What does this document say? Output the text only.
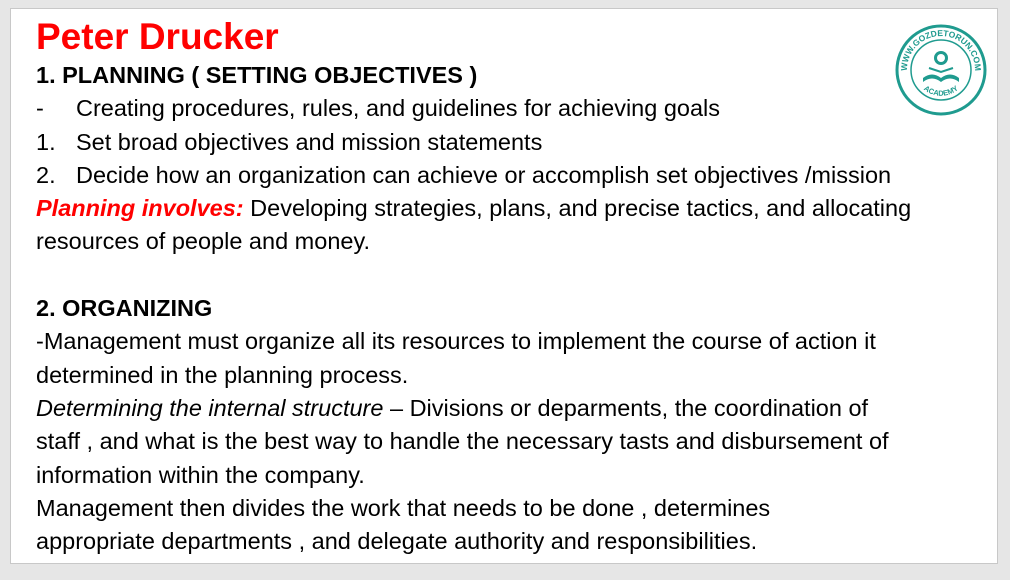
Peter Drucker
WWW.GOZDETORUN.COM
ACADEMY
1. PLANNING ( SETTING OBJECTIVES )
- Creating procedures, rules, and guidelines for achieving goals
1. Set broad objectives and mission statements
2. Decide how an organization can achieve or accomplish set objectives /mission
Planning involves: Developing strategies, plans, and precise tactics, and allocating
resources of people and money.
2. ORGANIZING
-Management must organize all its resources to implement the course of action it
determined in the planning process.
Determining the internal structure – Divisions or deparments, the coordination of
staff , and what is the best way to handle the necessary tasts and disbursement of
information within the company.
Management then divides the work that needs to be done , determines
appropriate departments , and delegate authority and responsibilities.
